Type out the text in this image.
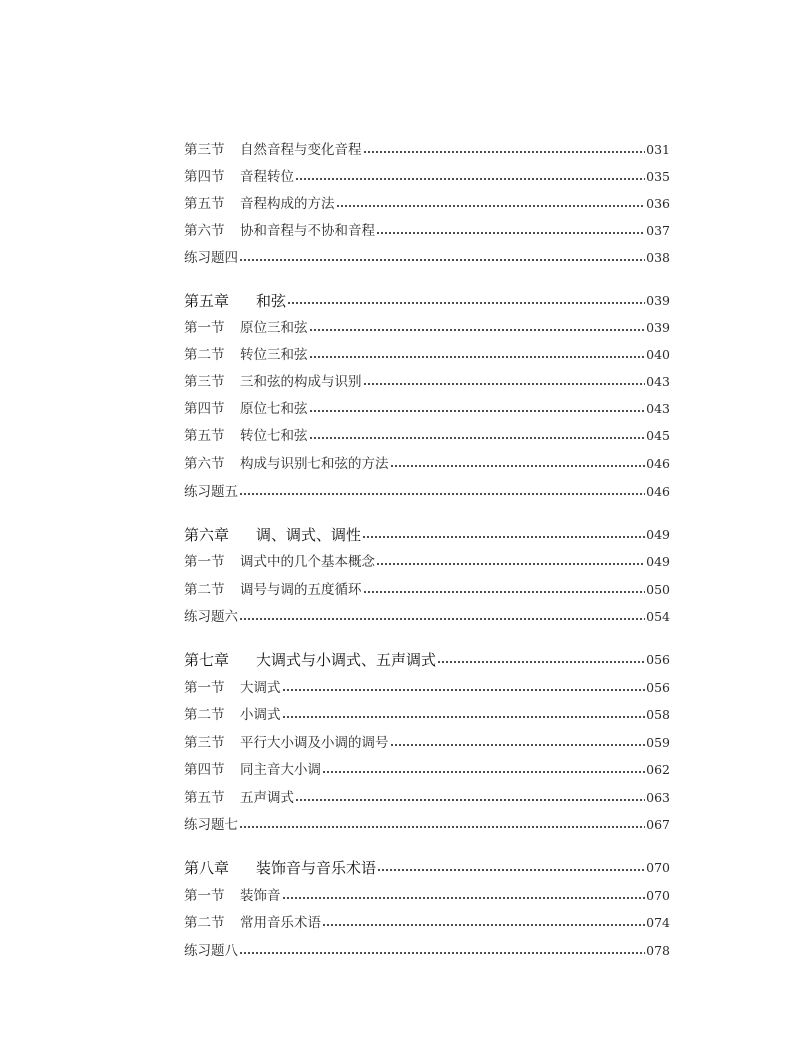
第三节 自然音程与变化音程	031
第四节 音程转位	035
第五节 音程构成的方法	036
第六节 协和音程与不协和音程	037
练习题四	038
第五章 和弦	039
第一节 原位三和弦	039
第二节 转位三和弦	040
第三节 三和弦的构成与识别	043
第四节 原位七和弦	043
第五节 转位七和弦	045
第六节 构成与识别七和弦的方法	046
练习题五	046
第六章 调、调式、调性	049
第一节 调式中的几个基本概念	049
第二节 调号与调的五度循环	050
练习题六	054
第七章 大调式与小调式、五声调式	056
第一节 大调式	056
第二节 小调式	058
第三节 平行大小调及小调的调号	059
第四节 同主音大小调	062
第五节 五声调式	063
练习题七	067
第八章 装饰音与音乐术语	070
第一节 装饰音	070
第二节 常用音乐术语	074
练习题八	078
